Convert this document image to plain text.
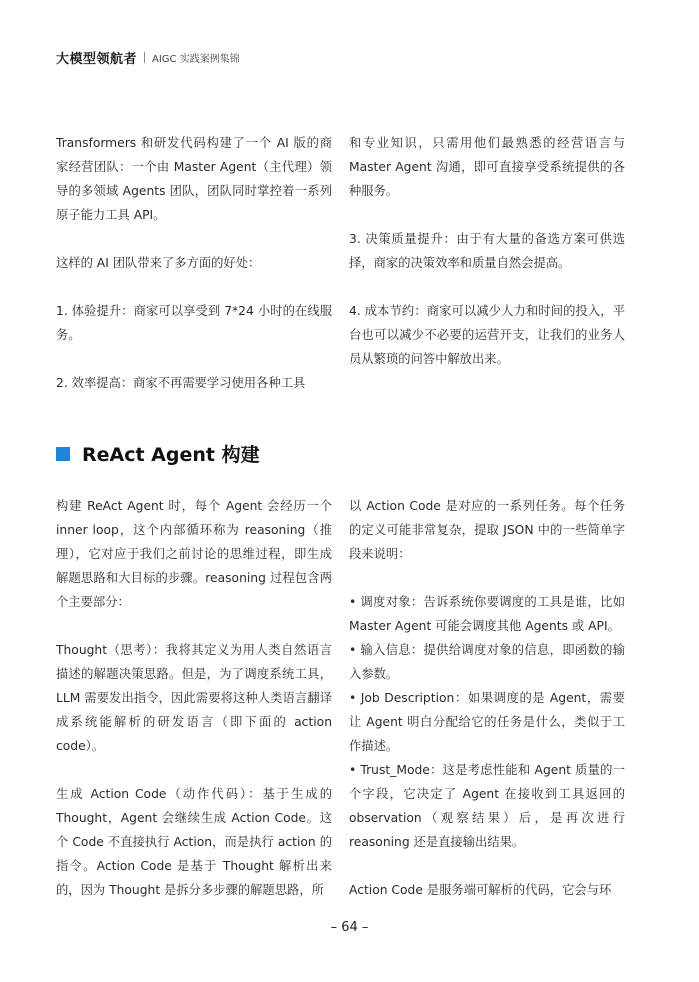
大模型领航者 AIGC 实践案例集锦

Transformers 和研发代码构建了一个 AI 版的商家经营团队：一个由 Master Agent（主代理）领导的多领域 Agents 团队，团队同时掌控着一系列原子能力工具 API。

这样的 AI 团队带来了多方面的好处：

1. 体验提升：商家可以享受到 7*24 小时的在线服务。

2. 效率提高：商家不再需要学习使用各种工具

和专业知识，只需用他们最熟悉的经营语言与 Master Agent 沟通，即可直接享受系统提供的各种服务。

3. 决策质量提升：由于有大量的备选方案可供选择，商家的决策效率和质量自然会提高。

4. 成本节约：商家可以减少人力和时间的投入，平台也可以减少不必要的运营开支，让我们的业务人员从繁琐的问答中解放出来。

ReAct Agent 构建

构建 ReAct Agent 时，每个 Agent 会经历一个 inner loop，这个内部循环称为 reasoning（推理），它对应于我们之前讨论的思维过程，即生成解题思路和大目标的步骤。reasoning 过程包含两个主要部分：

Thought（思考）：我将其定义为用人类自然语言描述的解题决策思路。但是，为了调度系统工具，LLM 需要发出指令，因此需要将这种人类语言翻译成系统能解析的研发语言（即下面的 action code）。

生成 Action Code（动作代码）：基于生成的 Thought，Agent 会继续生成 Action Code。这个 Code 不直接执行 Action，而是执行 action 的指令。Action Code 是基于 Thought 解析出来的，因为 Thought 是拆分多步骤的解题思路，所

以 Action Code 是对应的一系列任务。每个任务的定义可能非常复杂，提取 JSON 中的一些简单字段来说明：

• 调度对象：告诉系统你要调度的工具是谁，比如 Master Agent 可能会调度其他 Agents 或 API。

• 输入信息：提供给调度对象的信息，即函数的输入参数。

• Job Description：如果调度的是 Agent，需要让 Agent 明白分配给它的任务是什么，类似于工作描述。

• Trust_Mode：这是考虑性能和 Agent 质量的一个字段，它决定了 Agent 在接收到工具返回的 observation（观察结果）后，是再次进行 reasoning 还是直接输出结果。

Action Code 是服务端可解析的代码，它会与环

– 64 –
